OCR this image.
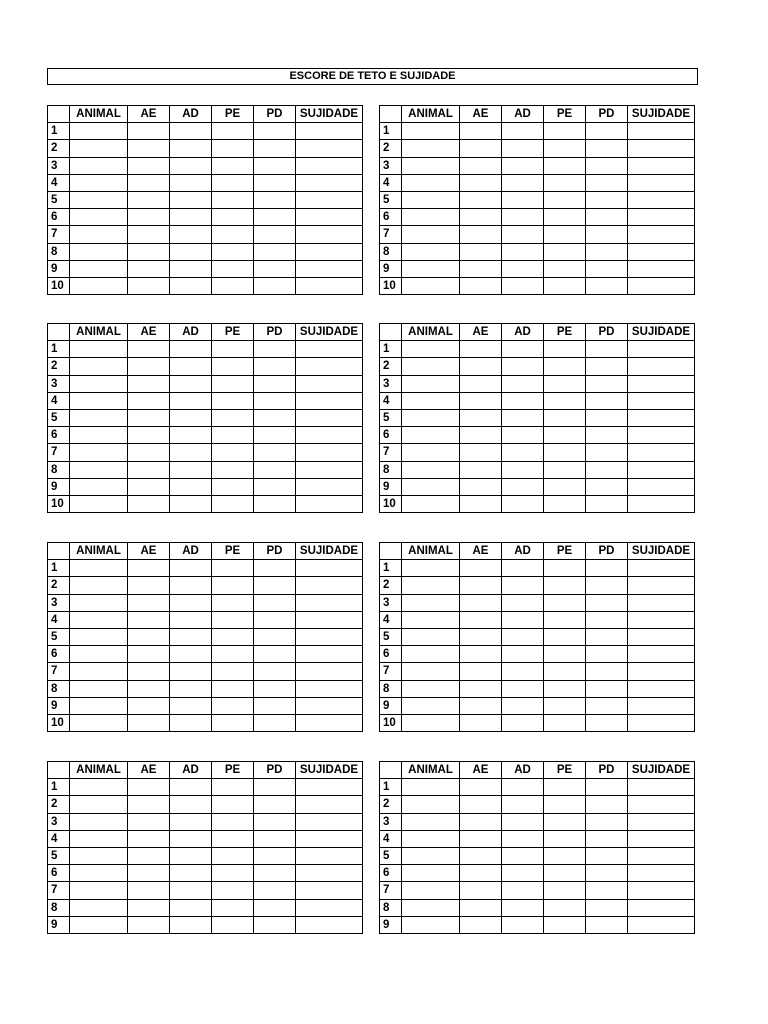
ESCORE DE TETO E SUJIDADE
	ANIMAL	AE	AD	PE	PD	SUJIDADE
1						
2						
3						
4						
5						
6						
7						
8						
9						
10						
	ANIMAL	AE	AD	PE	PD	SUJIDADE
1						
2						
3						
4						
5						
6						
7						
8						
9						
10						
	ANIMAL	AE	AD	PE	PD	SUJIDADE
1						
2						
3						
4						
5						
6						
7						
8						
9						
10						
	ANIMAL	AE	AD	PE	PD	SUJIDADE
1						
2						
3						
4						
5						
6						
7						
8						
9						
10						
	ANIMAL	AE	AD	PE	PD	SUJIDADE
1						
2						
3						
4						
5						
6						
7						
8						
9						
10						
	ANIMAL	AE	AD	PE	PD	SUJIDADE
1						
2						
3						
4						
5						
6						
7						
8						
9						
10						
	ANIMAL	AE	AD	PE	PD	SUJIDADE
1						
2						
3						
4						
5						
6						
7						
8						
9						
	ANIMAL	AE	AD	PE	PD	SUJIDADE
1						
2						
3						
4						
5						
6						
7						
8						
9						
